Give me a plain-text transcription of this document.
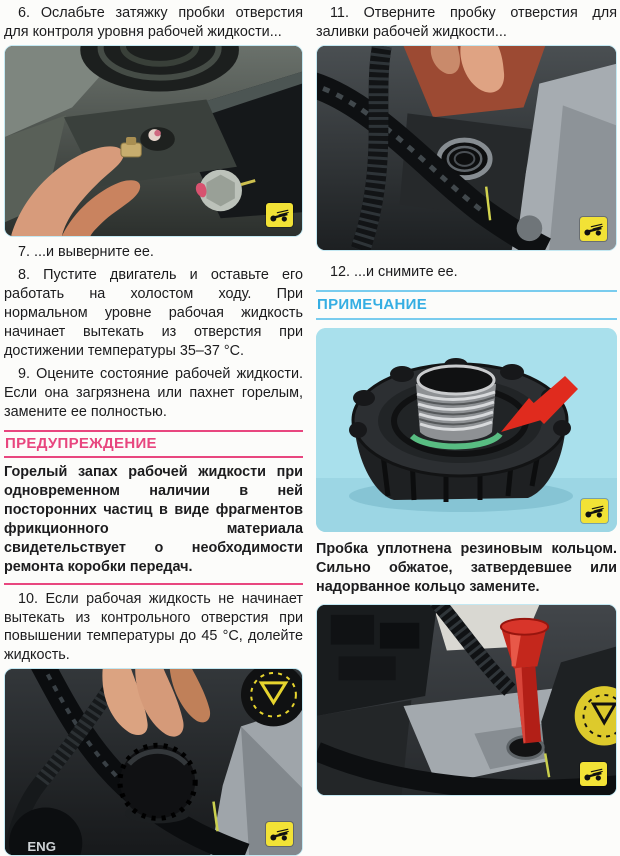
6. Ослабьте затяжку пробки отверстия для контроля уровня рабочей жидкости...

7. ...и выверните ее.

8. Пустите двигатель и оставьте его работать на холостом ходу. При нормальном уровне рабочая жидкость начинает вытекать из отверстия при достижении температуры 35–37 °С.

9. Оцените состояние рабочей жидкости. Если она загрязнена или пахнет горелым, замените ее полностью.

ПРЕДУПРЕЖДЕНИЕ

Горелый запах рабочей жидкости при одновременном наличии в ней посторонних частиц в виде фрагментов фрикционного материала свидетельствует о необходимости ремонта коробки передач.

10. Если рабочая жидкость не начинает вытекать из контрольного отверстия при повышении температуры до 45 °С, долейте жидкость.

ENG

11. Отверните пробку отверстия для заливки рабочей жидкости...

12. ...и снимите ее.

ПРИМЕЧАНИЕ

Пробка уплотнена резиновым кольцом. Сильно обжатое, затвердевшее или надорванное кольцо замените.
